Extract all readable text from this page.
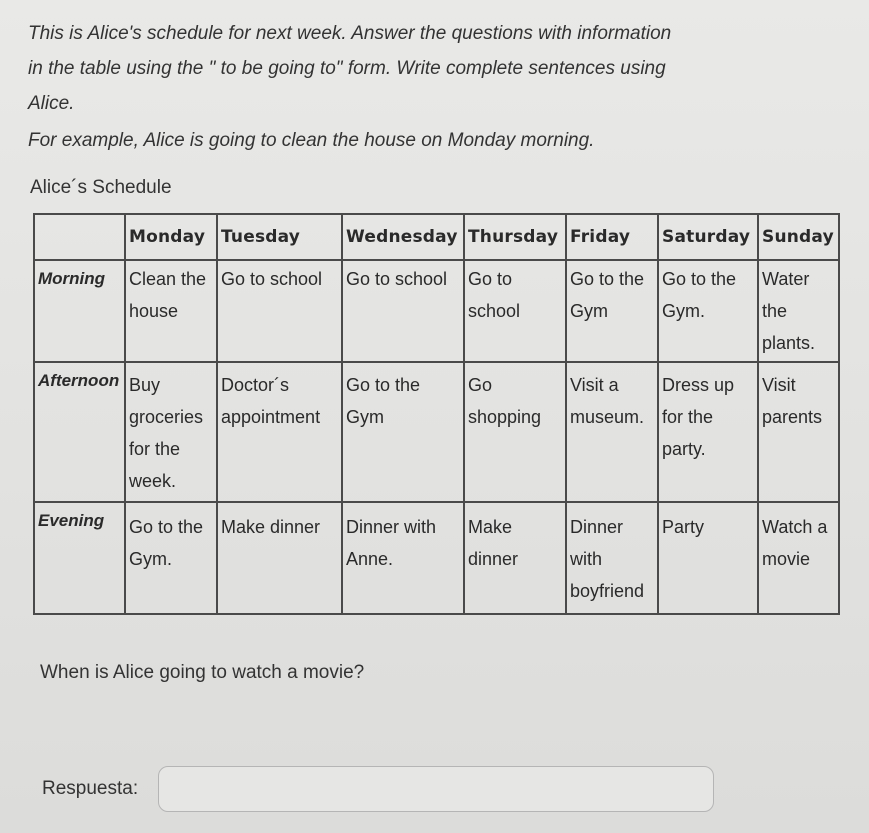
This is Alice's schedule for next week. Answer the questions with information
in the table using the " to be going to" form. Write complete sentences using
Alice.
For example, Alice is going to clean the house on Monday morning.
Alice´s Schedule
	Monday	Tuesday	Wednesday	Thursday	Friday	Saturday	Sunday
Morning	Clean the house	Go to school	Go to school	Go to school	Go to the Gym	Go to the Gym.	Water the plants.
Afternoon	Buy groceries for the week.	Doctor´s appointment	Go to the Gym	Go shopping	Visit a museum.	Dress up for the party.	Visit parents
Evening	Go to the Gym.	Make dinner	Dinner with Anne.	Make dinner	Dinner with boyfriend	Party	Watch a movie
When is Alice going to watch a movie?
Respuesta:
